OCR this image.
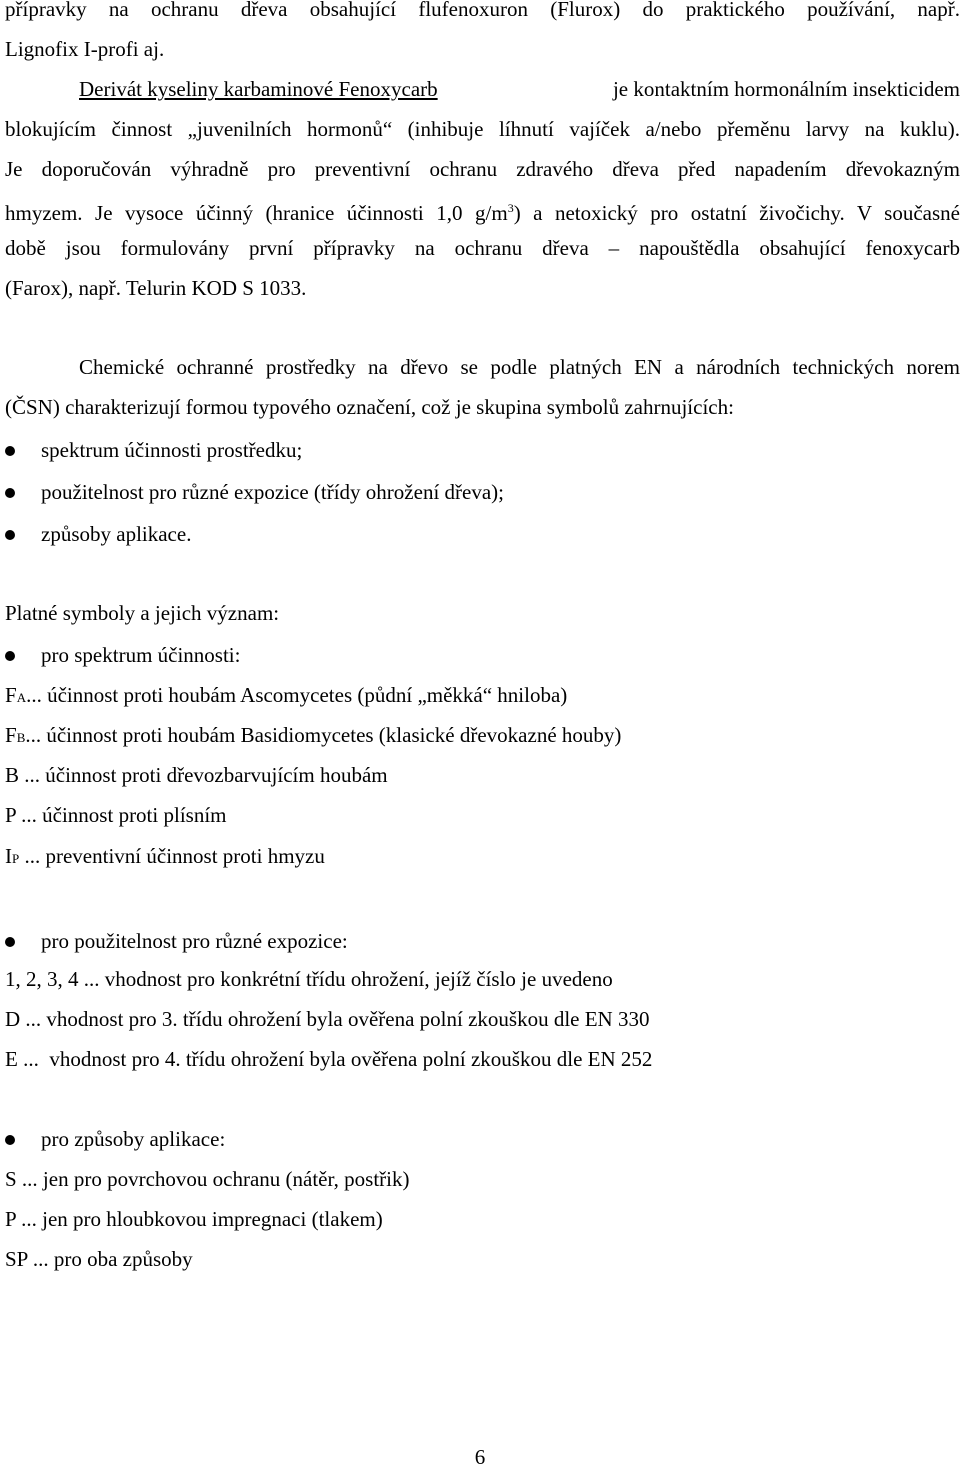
přípravky na ochranu dřeva obsahující flufenoxuron (Flurox) do praktického používání, např.
Lignofix I-profi aj.
Derivát kyseliny karbaminové Fenoxycarb	je kontaktním hormonálním insekticidem
blokujícím činnost „juvenilních hormonů“ (inhibuje líhnutí vajíček a/nebo přeměnu larvy na kuklu).
Je doporučován výhradně pro preventivní ochranu zdravého dřeva před napadením dřevokazným
hmyzem. Je vysoce účinný (hranice účinnosti 1,0 $g/m^3$) a netoxický pro ostatní živočichy. V současné
době jsou formulovány první přípravky na ochranu dřeva – napouštědla obsahující fenoxycarb
(Farox), např. Telurin KOD S 1033.
Chemické ochranné prostředky na dřevo se podle platných EN a národních technických norem
(ČSN) charakterizují formou typového označení, což je skupina symbolů zahrnujících:
spektrum účinnosti prostředku;
použitelnost pro různé expozice (třídy ohrožení dřeva);
způsoby aplikace.
Platné symboly a jejich význam:
pro spektrum účinnosti:
FA... účinnost proti houbám Ascomycetes (půdní „měkká“ hniloba)
FB... účinnost proti houbám Basidiomycetes (klasické dřevokazné houby)
B ... účinnost proti dřevozbarvujícím houbám
P ... účinnost proti plísním
IP ... preventivní účinnost proti hmyzu
pro použitelnost pro různé expozice:
1, 2, 3, 4 ... vhodnost pro konkrétní třídu ohrožení, jejíž číslo je uvedeno
D ... vhodnost pro 3. třídu ohrožení byla ověřena polní zkouškou dle EN 330
E ...  vhodnost pro 4. třídu ohrožení byla ověřena polní zkouškou dle EN 252
pro způsoby aplikace:
S ... jen pro povrchovou ochranu (nátěr, postřik)
P ... jen pro hloubkovou impregnaci (tlakem)
SP ... pro oba způsoby
6
